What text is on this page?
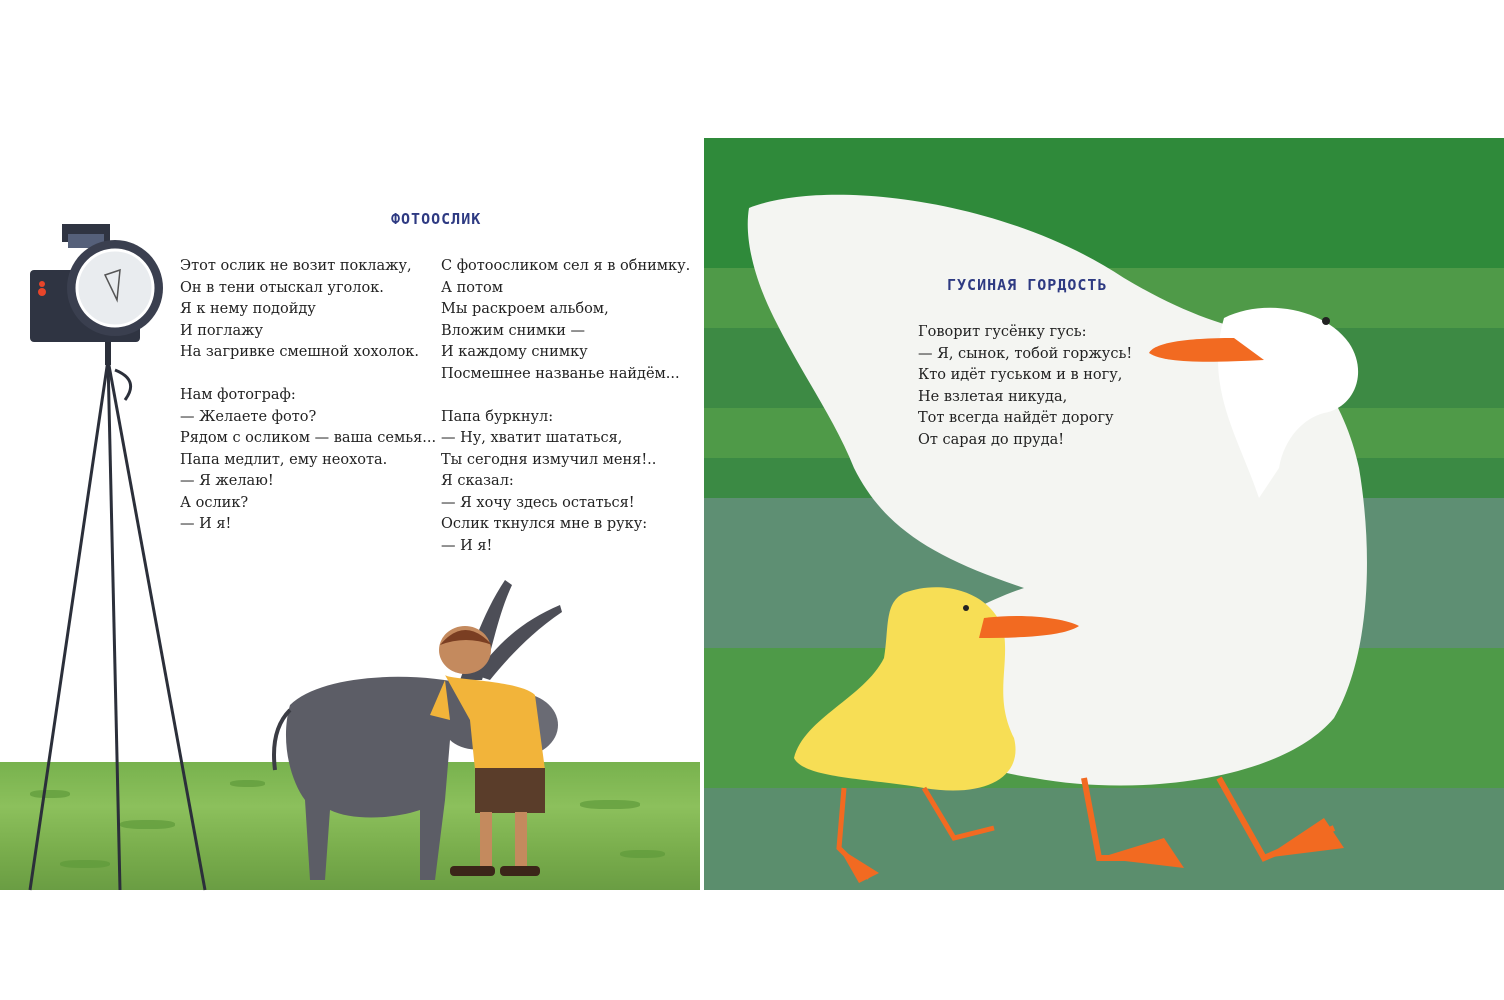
ФОТООСЛИК
Этот ослик не возит поклажу,
Он в тени отыскал уголок.
Я к нему подойду
И поглажу
На загривке смешной хохолок.
Нам фотограф:
— Желаете фото?
Рядом с осликом — ваша семья...
Папа медлит, ему неохота.
— Я желаю!
А ослик?
— И я!
С фотоосликом сел я в обнимку.
А потом
Мы раскроем альбом,
Вложим снимки —
И каждому снимку
Посмешнее названье найдём...
Папа буркнул:
— Ну, хватит шататься,
Ты сегодня измучил меня!..
Я сказал:
— Я хочу здесь остаться!
Ослик ткнулся мне в руку:
— И я!
ГУСИНАЯ ГОРДОСТЬ
Говорит гусёнку гусь:
— Я, сынок, тобой горжусь!
Кто идёт гуськом и в ногу,
Не взлетая никуда,
Тот всегда найдёт дорогу
От сарая до пруда!
